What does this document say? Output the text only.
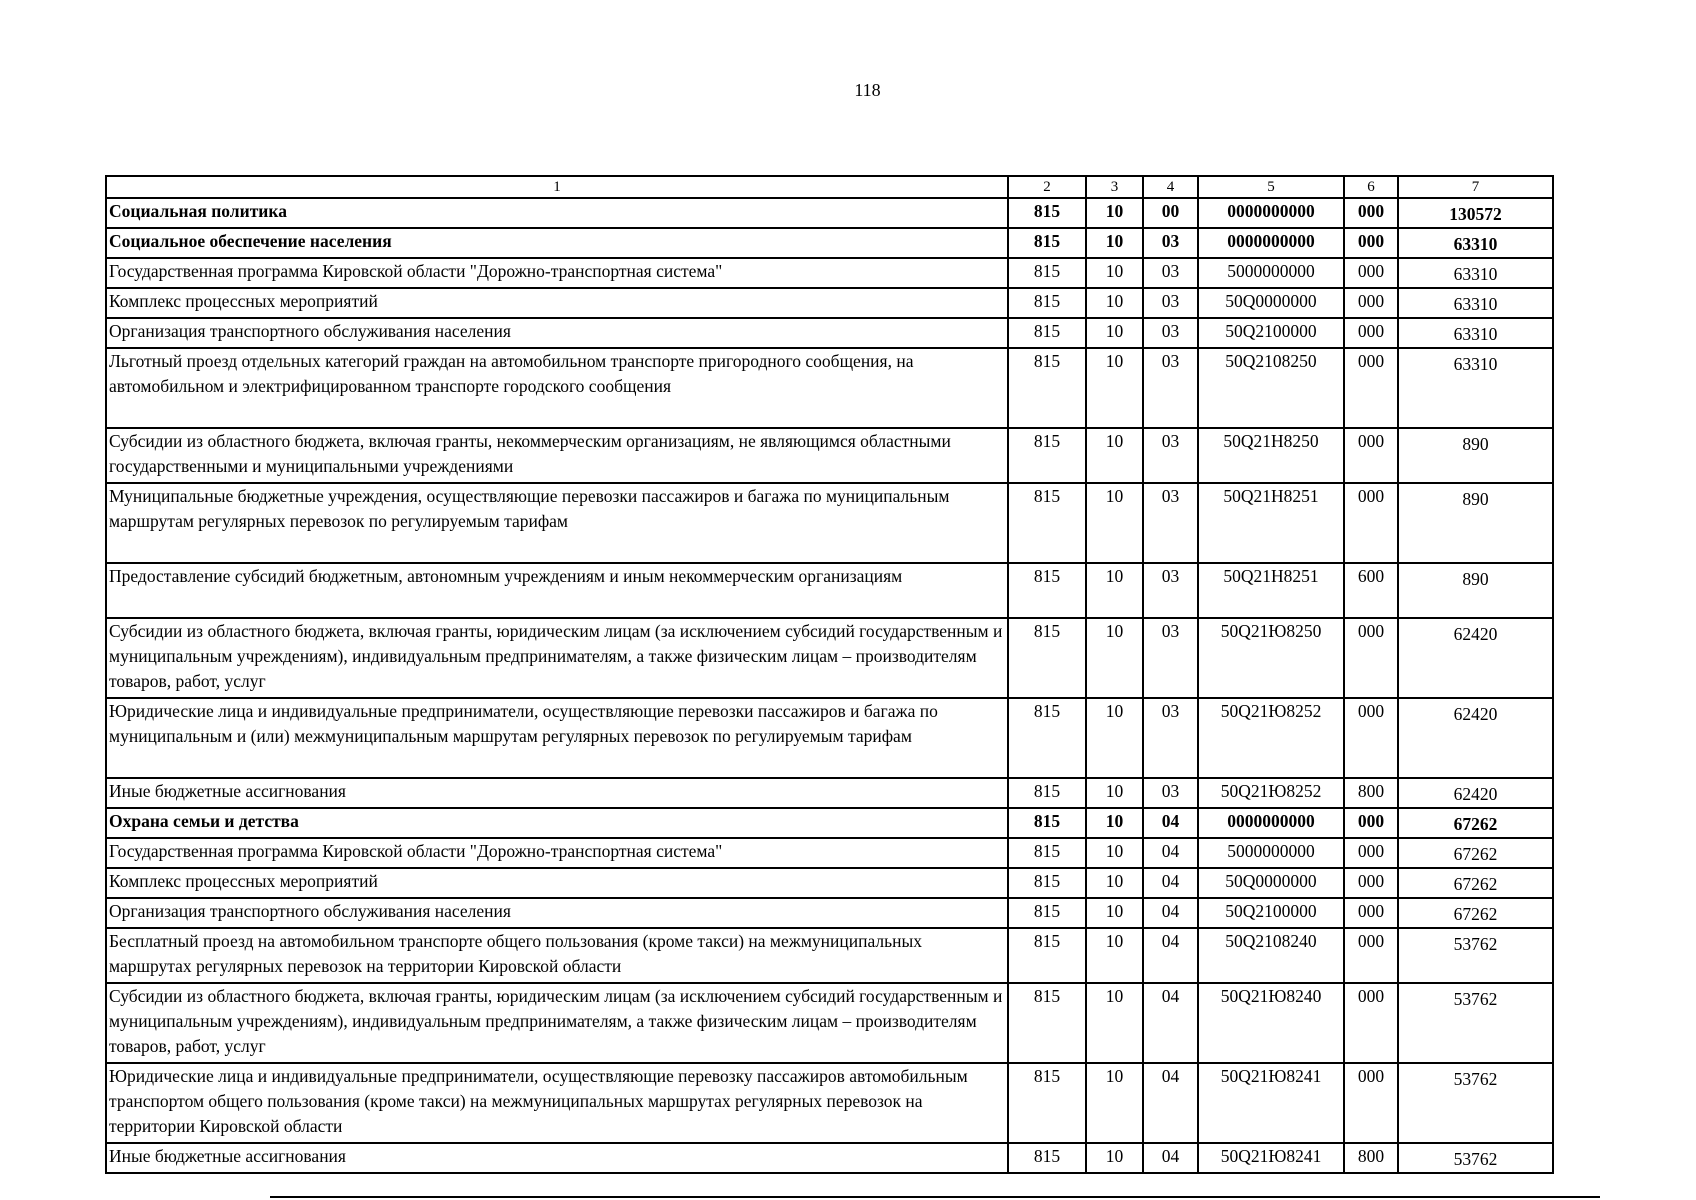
118
1	2	3	4	5	6	7
Социальная политика	815	10	00	0000000000	000	130572
Социальное обеспечение населения	815	10	03	0000000000	000	63310
Государственная программа Кировской области "Дорожно-транспортная система"	815	10	03	5000000000	000	63310
Комплекс процессных мероприятий	815	10	03	50Q0000000	000	63310
Организация транспортного обслуживания населения	815	10	03	50Q2100000	000	63310
Льготный проезд отдельных категорий граждан на автомобильном транспорте пригородного сообщения, на автомобильном и электрифицированном транспорте городского сообщения	815	10	03	50Q2108250	000	63310
Субсидии из областного бюджета, включая гранты, некоммерческим организациям, не являющимся областными государственными и муниципальными учреждениями	815	10	03	50Q21H8250	000	890
Муниципальные бюджетные учреждения, осуществляющие перевозки пассажиров и багажа по муниципальным маршрутам регулярных перевозок по регулируемым тарифам	815	10	03	50Q21H8251	000	890
Предоставление субсидий бюджетным, автономным учреждениям и иным некоммерческим организациям	815	10	03	50Q21H8251	600	890
Субсидии из областного бюджета, включая гранты, юридическим лицам (за исключением субсидий государственным и муниципальным учреждениям), индивидуальным предпринимателям, а также физическим лицам – производителям товаров, работ, услуг	815	10	03	50Q21Ю8250	000	62420
Юридические лица и индивидуальные предприниматели, осуществляющие перевозки пассажиров и багажа по муниципальным и (или) межмуниципальным маршрутам регулярных перевозок по регулируемым тарифам	815	10	03	50Q21Ю8252	000	62420
Иные бюджетные ассигнования	815	10	03	50Q21Ю8252	800	62420
Охрана семьи и детства	815	10	04	0000000000	000	67262
Государственная программа Кировской области "Дорожно-транспортная система"	815	10	04	5000000000	000	67262
Комплекс процессных мероприятий	815	10	04	50Q0000000	000	67262
Организация транспортного обслуживания населения	815	10	04	50Q2100000	000	67262
Бесплатный проезд на автомобильном транспорте общего пользования (кроме такси) на межмуниципальных маршрутах регулярных перевозок на территории Кировской области	815	10	04	50Q2108240	000	53762
Субсидии из областного бюджета, включая гранты, юридическим лицам (за исключением субсидий государственным и муниципальным учреждениям), индивидуальным предпринимателям, а также физическим лицам – производителям товаров, работ, услуг	815	10	04	50Q21Ю8240	000	53762
Юридические лица и индивидуальные предприниматели, осуществляющие перевозку пассажиров автомобильным транспортом общего пользования (кроме такси) на межмуниципальных маршрутах регулярных перевозок на территории Кировской области	815	10	04	50Q21Ю8241	000	53762
Иные бюджетные ассигнования	815	10	04	50Q21Ю8241	800	53762
